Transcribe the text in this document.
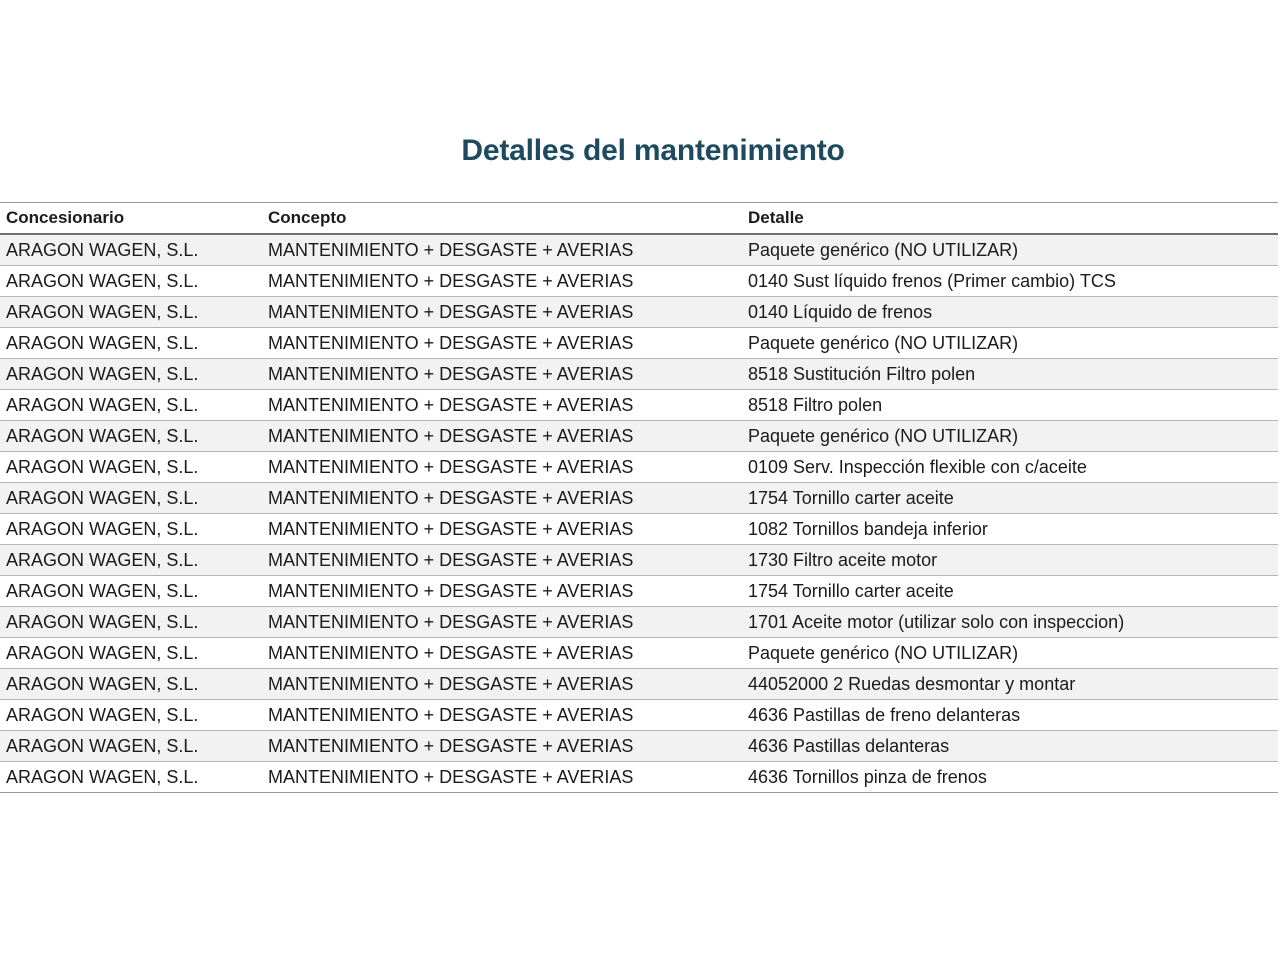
Detalles del mantenimiento
Concesionario	Concepto	Detalle
ARAGON WAGEN, S.L.	MANTENIMIENTO + DESGASTE + AVERIAS	Paquete genérico (NO UTILIZAR)
ARAGON WAGEN, S.L.	MANTENIMIENTO + DESGASTE + AVERIAS	0140 Sust líquido frenos (Primer cambio) TCS
ARAGON WAGEN, S.L.	MANTENIMIENTO + DESGASTE + AVERIAS	0140 Líquido de frenos
ARAGON WAGEN, S.L.	MANTENIMIENTO + DESGASTE + AVERIAS	Paquete genérico (NO UTILIZAR)
ARAGON WAGEN, S.L.	MANTENIMIENTO + DESGASTE + AVERIAS	8518 Sustitución Filtro polen
ARAGON WAGEN, S.L.	MANTENIMIENTO + DESGASTE + AVERIAS	8518 Filtro polen
ARAGON WAGEN, S.L.	MANTENIMIENTO + DESGASTE + AVERIAS	Paquete genérico (NO UTILIZAR)
ARAGON WAGEN, S.L.	MANTENIMIENTO + DESGASTE + AVERIAS	0109 Serv. Inspección flexible con c/aceite
ARAGON WAGEN, S.L.	MANTENIMIENTO + DESGASTE + AVERIAS	1754 Tornillo carter aceite
ARAGON WAGEN, S.L.	MANTENIMIENTO + DESGASTE + AVERIAS	1082 Tornillos bandeja inferior
ARAGON WAGEN, S.L.	MANTENIMIENTO + DESGASTE + AVERIAS	1730 Filtro aceite motor
ARAGON WAGEN, S.L.	MANTENIMIENTO + DESGASTE + AVERIAS	1754 Tornillo carter aceite
ARAGON WAGEN, S.L.	MANTENIMIENTO + DESGASTE + AVERIAS	1701 Aceite motor (utilizar solo con inspeccion)
ARAGON WAGEN, S.L.	MANTENIMIENTO + DESGASTE + AVERIAS	Paquete genérico (NO UTILIZAR)
ARAGON WAGEN, S.L.	MANTENIMIENTO + DESGASTE + AVERIAS	44052000 2 Ruedas desmontar y montar
ARAGON WAGEN, S.L.	MANTENIMIENTO + DESGASTE + AVERIAS	4636 Pastillas de freno delanteras
ARAGON WAGEN, S.L.	MANTENIMIENTO + DESGASTE + AVERIAS	4636 Pastillas delanteras
ARAGON WAGEN, S.L.	MANTENIMIENTO + DESGASTE + AVERIAS	4636 Tornillos pinza de frenos
